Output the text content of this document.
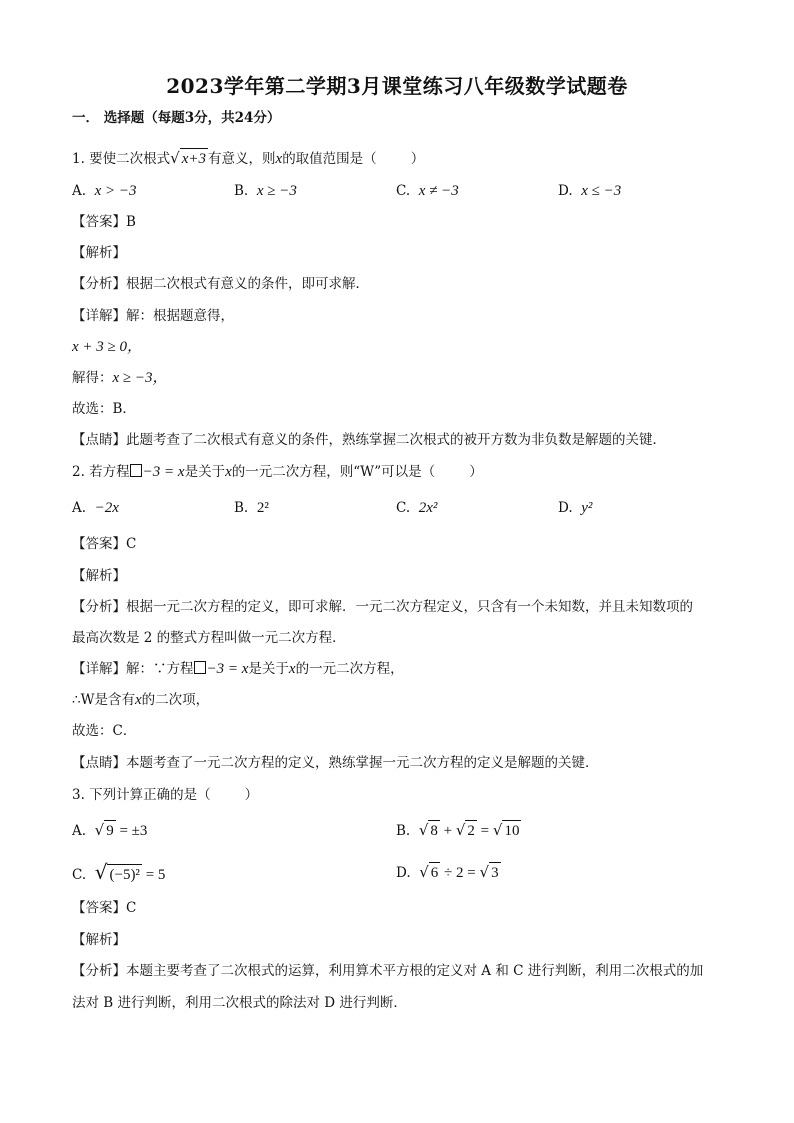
2023学年第二学期3月课堂练习八年级数学试题卷
一． 选择题（每题3分，共24分）
1. 要使二次根式√ x+3 有意义，则x的取值范围是（	）
A. x > −3	B. x ≥ −3	C. x ≠ −3	D. x ≤ −3
【答案】B
【解析】
【分析】根据二次根式有意义的条件，即可求解．
【详解】解：根据题意得，
x + 3 ≥ 0，
解得：x ≥ −3，
故选：B．
【点睛】此题考查了二次根式有意义的条件，熟练掌握二次根式的被开方数为非负数是解题的关键．
2. 若方程 −3 = x是关于x的一元二次方程，则“W”可以是（	）
A. −2x	B. 2²	C. 2x²	D. y²
【答案】C
【解析】
【分析】根据一元二次方程的定义，即可求解．一元二次方程定义，只含有一个未知数，并且未知数项的
最高次数是 2 的整式方程叫做一元二次方程．
【详解】解：∵方程 −3 = x是关于x的一元二次方程，
∴W是含有x的二次项，
故选：C．
【点睛】本题考查了一元二次方程的定义，熟练掌握一元二次方程的定义是解题的关键．
3. 下列计算正确的是（	）
A. √ 9 = ±3	B. √ 8 + √ 2 = √ 10
C. √ (−5)² = 5	D. √ 6 ÷ 2 = √ 3
【答案】C
【解析】
【分析】本题主要考查了二次根式的运算，利用算术平方根的定义对 A 和 C 进行判断，利用二次根式的加
法对 B 进行判断，利用二次根式的除法对 D 进行判断．
